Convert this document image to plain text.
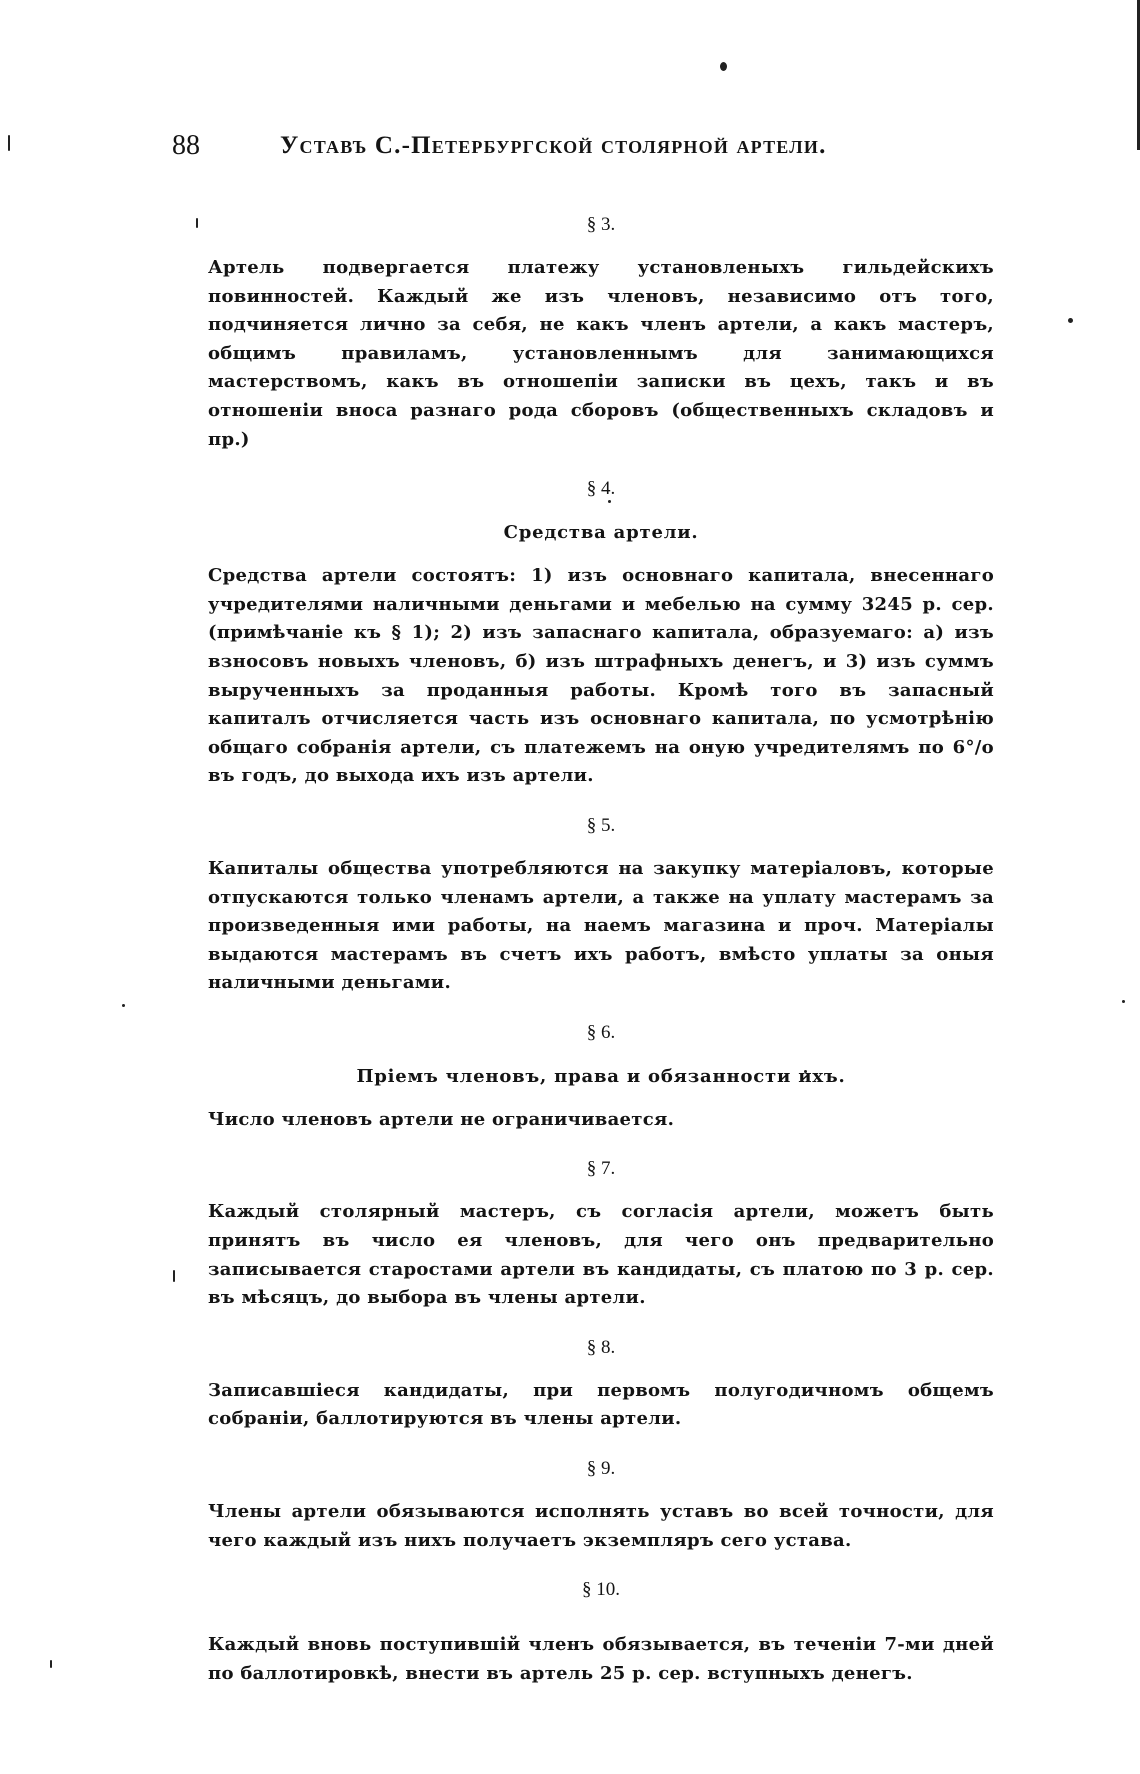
88	Уставъ С.-Петербургской столярной артели.

§ 3.

Артель подвергается платежу установленыхъ гильдейскихъ повинностей. Каждый же изъ членовъ, независимо отъ того, подчиняется лично за себя, не какъ членъ артели, а какъ мастеръ, общимъ правиламъ, установленнымъ для занимающихся мастерствомъ, какъ въ отношепіи записки въ цехъ, такъ и въ отношеніи вноса разнаго рода сборовъ (общественныхъ складовъ и пр.)

§ 4.

Средства артели.

Средства артели состоятъ: 1) изъ основнаго капитала, внесеннаго учредителями наличными деньгами и мебелью на сумму 3245 р. сер. (примѣчаніе къ § 1); 2) изъ запаснаго капитала, образуемаго: а) изъ взносовъ новыхъ членовъ, б) изъ штрафныхъ денегъ, и 3) изъ суммъ вырученныхъ за проданныя работы. Кромѣ того въ запасный капиталъ отчисляется часть изъ основнаго капитала, по усмотрѣнію общаго собранія артели, съ платежемъ на оную учредителямъ по 6°/o въ годъ, до выхода ихъ изъ артели.

§ 5.

Капиталы общества употребляются на закупку матеріаловъ, которые отпускаются только членамъ артели, а также на уплату мастерамъ за произведенныя ими работы, на наемъ магазина и проч. Матеріалы выдаются мастерамъ въ счетъ ихъ работъ, вмѣсто уплаты за оныя наличными деньгами.

§ 6.

Пріемъ членовъ, права и обязанности ихъ.

Число членовъ артели не ограничивается.

§ 7.

Каждый столярный мастеръ, съ согласія артели, можетъ быть принятъ въ число ея членовъ, для чего онъ предварительно записывается старостами артели въ кандидаты, съ платою по 3 р. сер. въ мѣсяцъ, до выбора въ члены артели.

§ 8.

Записавшіеся кандидаты, при первомъ полугодичномъ общемъ собраніи, баллотируются въ члены артели.

§ 9.

Члены артели обязываются исполнять уставъ во всей точности, для чего каждый изъ нихъ получаетъ экземпляръ сего устава.

§ 10.

Каждый вновь поступившій членъ обязывается, въ теченіи 7-ми дней по баллотировкѣ, внести въ артель 25 р. сер. вступныхъ денегъ.
